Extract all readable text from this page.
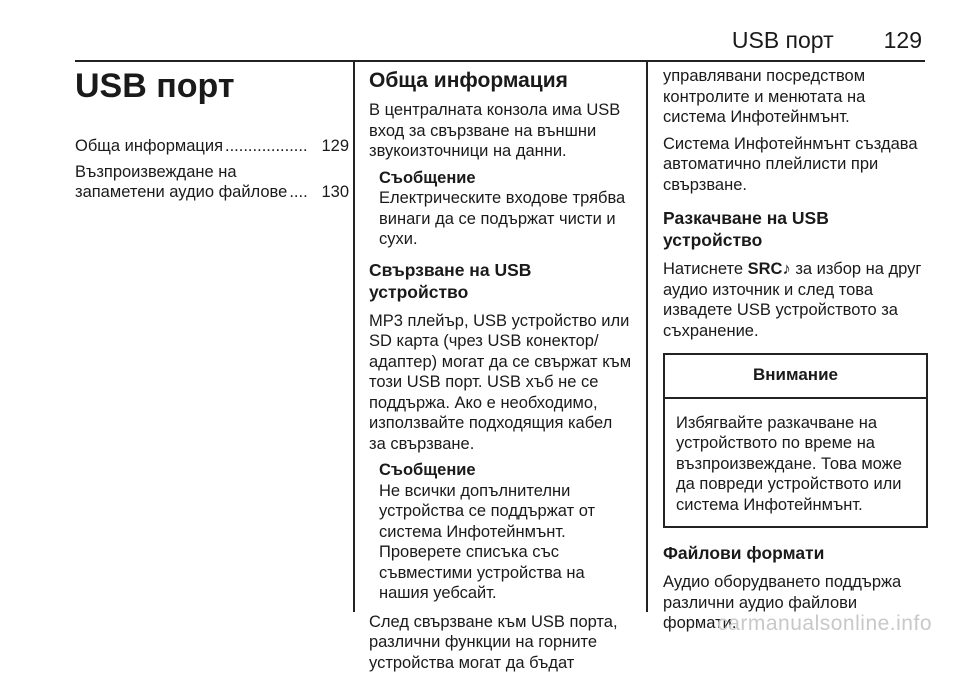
USB порт 129
USB порт
Обща информация .................. 129
Възпроизвеждане на
запаметени аудио файлове .... 130
Обща информация

В централната конзола има USB вход за свързване на външни звукоизточници на данни.

Съобщение
Електрическите входове трябва винаги да се подържат чисти и сухи.
Свързване на USB устройство

MP3 плейър, USB устройство или SD карта (чрез USB конектор/ адаптер) могат да се свържат към този USB порт. USB хъб не се поддържа. Ако е необходимо, използвайте подходящия кабел за свързване.

Съобщение
Не всички допълнителни устройства се поддържат от система Инфотейнмънт. Проверете списъка със съвместими устройства на нашия уебсайт.

След свързване към USB порта, различни функции на горните устройства могат да бъдат

управлявани посредством контролите и менютата на система Инфотейнмънт.

Система Инфотейнмънт създава автоматично плейлисти при свързване.

Разкачване на USB устройство

Натиснете SRC♪ за избор на друг аудио източник и след това извадете USB устройството за съхранение.

Внимание
Избягвайте разкачване на устройството по време на възпроизвеждане. Това може да повреди устройството или система Инфотейнмънт.
Файлови формати

Аудио оборудването поддържа различни аудио файлови формати.

carmanualsonline.info
